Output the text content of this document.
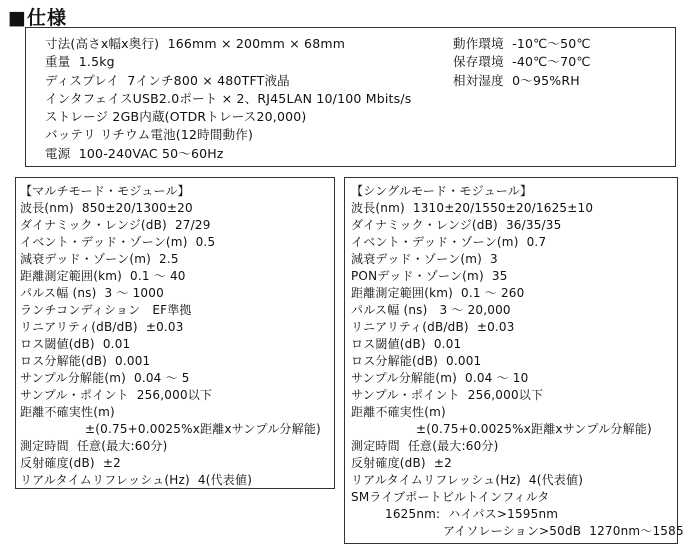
■仕様
寸法(高さx幅x奥行)  166mm × 200mm × 68mm
重量  1.5kg
ディスプレイ  7インチ800 × 480TFT液晶
インタフェイスUSB2.0ポート × 2、RJ45LAN 10/100 Mbits/s
ストレージ 2GB内蔵(OTDRトレース20,000)
バッテリ リチウム電池(12時間動作)
電源  100-240VAC 50～60Hz
動作環境  -10℃～50℃
保存環境  -40℃～70℃
相対湿度  0～95%RH
【マルチモード・モジュール】
波長(nm)  850±20/1300±20
ダイナミック・レンジ(dB)  27/29
イベント・デッド・ゾーン(m)  0.5
減衰デッド・ゾーン(m)  2.5
距離測定範囲(km)  0.1 ～ 40
パルス幅 (ns)  3 ～ 1000
ランチコンディション   EF準拠
リニアリティ(dB/dB)  ±0.03
ロス閾値(dB)  0.01
ロス分解能(dB)  0.001
サンプル分解能(m)  0.04 ～ 5
サンプル・ポイント  256,000以下
距離不確実性(m)
±(0.75+0.0025%x距離xサンプル分解能)
測定時間  任意(最大:60分)
反射確度(dB)  ±2
リアルタイムリフレッシュ(Hz)  4(代表値)
【シングルモード・モジュール】
波長(nm)  1310±20/1550±20/1625±10
ダイナミック・レンジ(dB)  36/35/35
イベント・デッド・ゾーン(m)  0.7
減衰デッド・ゾーン(m)  3
PONデッド・ゾーン(m)  35
距離測定範囲(km)  0.1 ～ 260
パルス幅 (ns)   3 ～ 20,000
リニアリティ(dB/dB)  ±0.03
ロス閾値(dB)  0.01
ロス分解能(dB)  0.001
サンプル分解能(m)  0.04 ～ 10
サンプル・ポイント  256,000以下
距離不確実性(m)
±(0.75+0.0025%x距離xサンプル分解能)
測定時間  任意(最大:60分)
反射確度(dB)  ±2
リアルタイムリフレッシュ(Hz)  4(代表値)
SMライブポートビルトインフィルタ
1625nm:  ハイパス>1595nm
アイソレーション>50dB  1270nm～1585
